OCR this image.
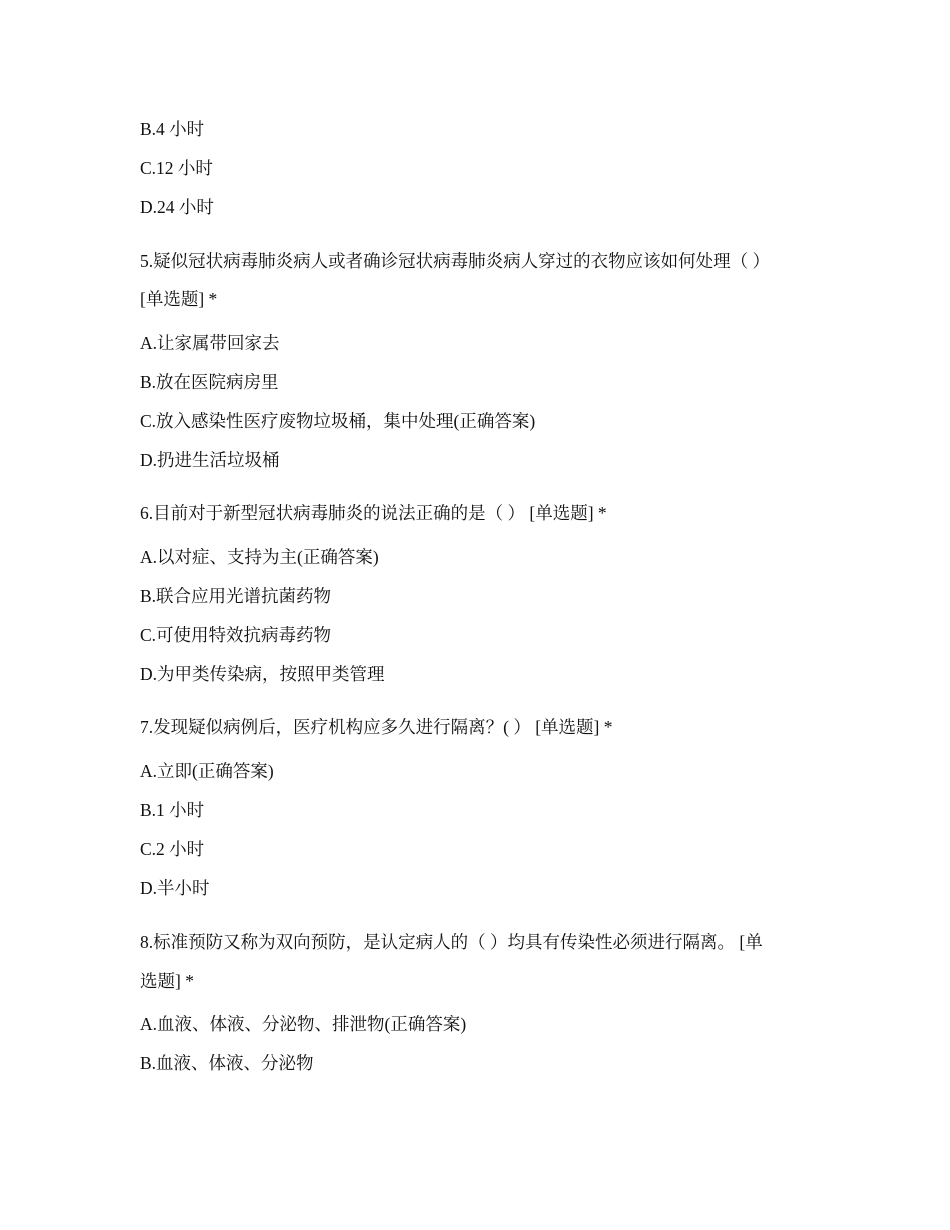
B.4 小时
C.12 小时
D.24 小时
5.疑似冠状病毒肺炎病人或者确诊冠状病毒肺炎病人穿过的衣物应该如何处理（ ）
[单选题] *
A.让家属带回家去
B.放在医院病房里
C.放入感染性医疗废物垃圾桶，集中处理(正确答案)
D.扔进生活垃圾桶
6.目前对于新型冠状病毒肺炎的说法正确的是（ ） [单选题] *
A.以对症、支持为主(正确答案)
B.联合应用光谱抗菌药物
C.可使用特效抗病毒药物
D.为甲类传染病，按照甲类管理
7.发现疑似病例后，医疗机构应多久进行隔离？( ） [单选题] *
A.立即(正确答案)
B.1 小时
C.2 小时
D.半小时
8.标准预防又称为双向预防，是认定病人的（ ）均具有传染性必须进行隔离。 [单
选题] *
A.血液、体液、分泌物、排泄物(正确答案)
B.血液、体液、分泌物
